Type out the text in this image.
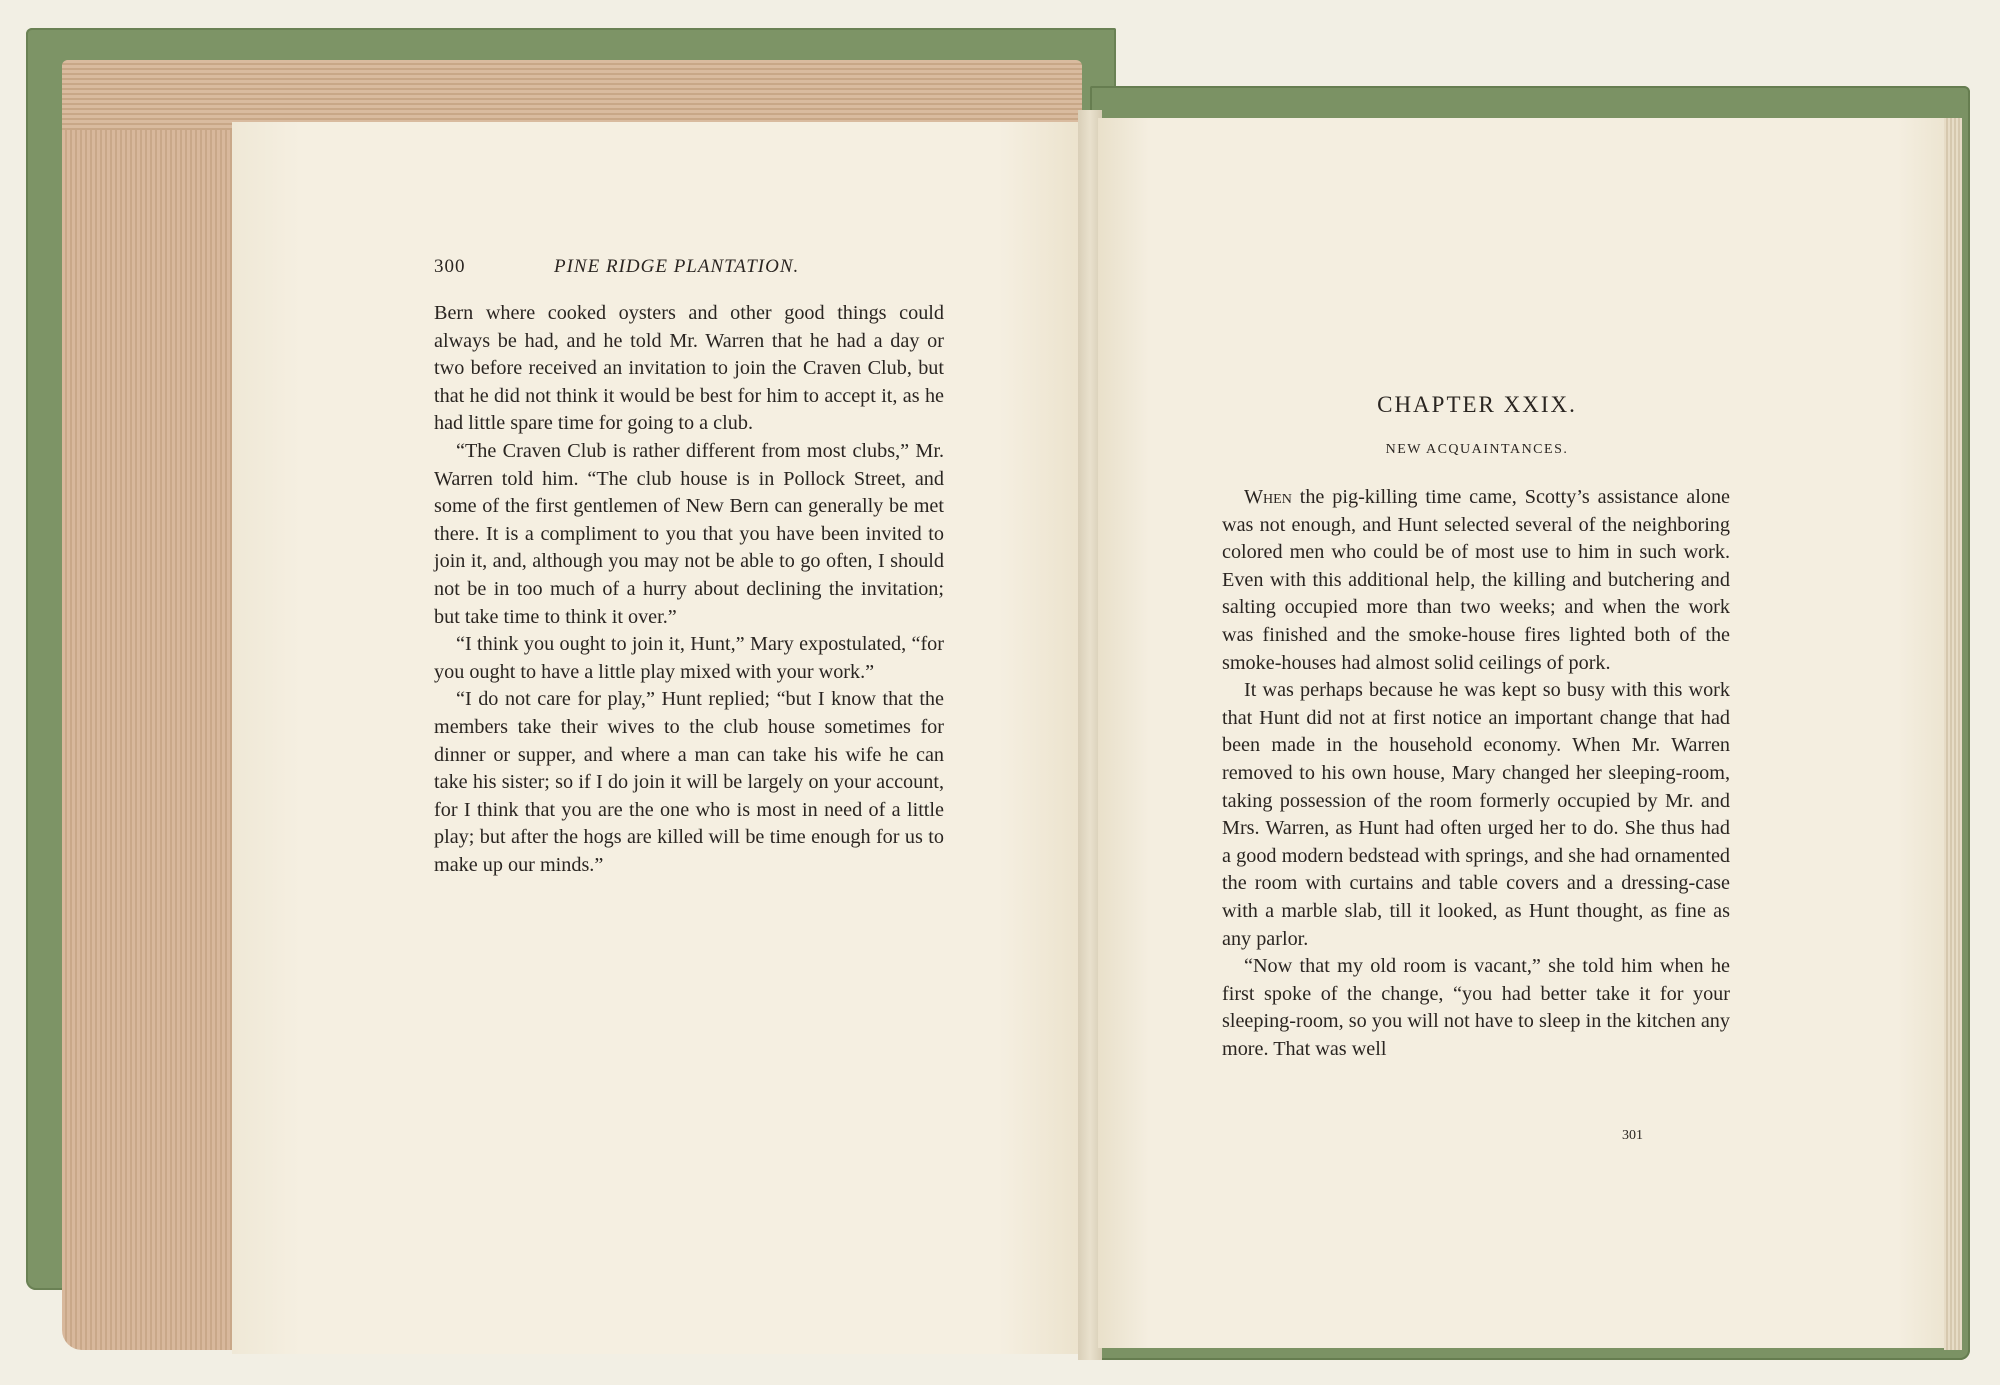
300	PINE RIDGE PLANTATION.

Bern where cooked oysters and other good things could always be had, and he told Mr. Warren that he had a day or two before received an invitation to join the Craven Club, but that he did not think it would be best for him to accept it, as he had little spare time for going to a club.

“The Craven Club is rather different from most clubs,” Mr. Warren told him. “The club house is in Pollock Street, and some of the first gentlemen of New Bern can generally be met there. It is a compliment to you that you have been invited to join it, and, although you may not be able to go often, I should not be in too much of a hurry about declining the invitation; but take time to think it over.”

“I think you ought to join it, Hunt,” Mary expostulated, “for you ought to have a little play mixed with your work.”

“I do not care for play,” Hunt replied; “but I know that the members take their wives to the club house sometimes for dinner or supper, and where a man can take his wife he can take his sister; so if I do join it will be largely on your account, for I think that you are the one who is most in need of a little play; but after the hogs are killed will be time enough for us to make up our minds.”

CHAPTER XXIX.
NEW ACQUAINTANCES.

When the pig-killing time came, Scotty’s assistance alone was not enough, and Hunt selected several of the neighboring colored men who could be of most use to him in such work. Even with this additional help, the killing and butchering and salting occupied more than two weeks; and when the work was finished and the smoke-house fires lighted both of the smoke-houses had almost solid ceilings of pork.

It was perhaps because he was kept so busy with this work that Hunt did not at first notice an important change that had been made in the household economy. When Mr. Warren removed to his own house, Mary changed her sleeping-room, taking possession of the room formerly occupied by Mr. and Mrs. Warren, as Hunt had often urged her to do. She thus had a good modern bedstead with springs, and she had ornamented the room with curtains and table covers and a dressing-case with a marble slab, till it looked, as Hunt thought, as fine as any parlor.

“Now that my old room is vacant,” she told him when he first spoke of the change, “you had better take it for your sleeping-room, so you will not have to sleep in the kitchen any more. That was well

301
